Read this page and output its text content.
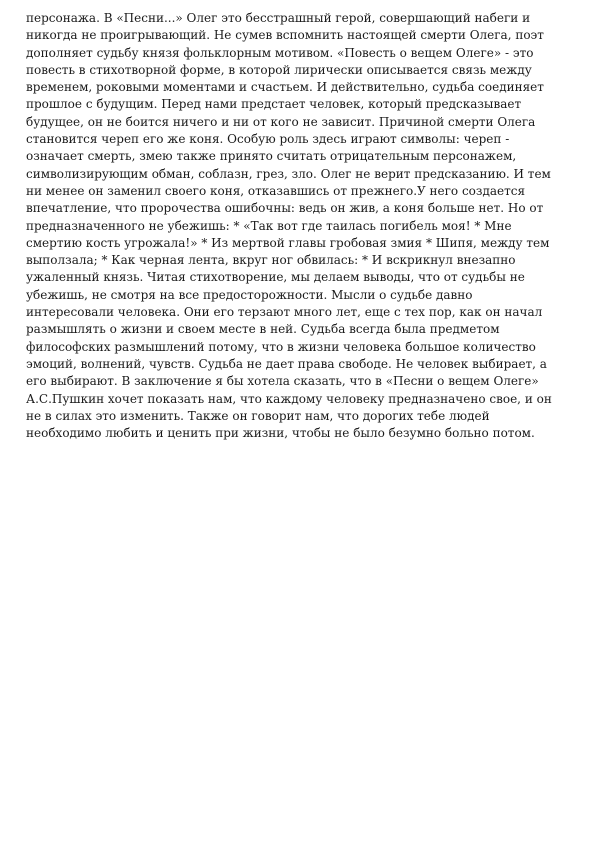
персонажа. В «Песни...» Олег это бесстрашный герой, совершающий набеги и
никогда не проигрывающий. Не сумев вспомнить настоящей смерти Олега, поэт
дополняет судьбу князя фольклорным мотивом. «Повесть о вещем Олеге» - это
повесть в стихотворной форме, в которой лирически описывается связь между
временем, роковыми моментами и счастьем. И действительно, судьба соединяет
прошлое с будущим. Перед нами предстает человек, который предсказывает
будущее, он не боится ничего и ни от кого не зависит. Причиной смерти Олега
становится череп его же коня. Особую роль здесь играют символы: череп -
означает смерть, змею также принято считать отрицательным персонажем,
символизирующим обман, соблазн, грез, зло. Олег не верит предсказанию. И тем
ни менее он заменил своего коня, отказавшись от прежнего.У него создается
впечатление, что пророчества ошибочны: ведь он жив, а коня больше нет. Но от
предназначенного не убежишь: * «Так вот где таилась погибель моя! * Мне
смертию кость угрожала!» * Из мертвой главы гробовая змия * Шипя, между тем
выползала; * Как черная лента, вкруг ног обвилась: * И вскрикнул внезапно
ужаленный князь. Читая стихотворение, мы делаем выводы, что от судьбы не
убежишь, не смотря на все предосторожности. Мысли о судьбе давно
интересовали человека. Они его терзают много лет, еще с тех пор, как он начал
размышлять о жизни и своем месте в ней. Судьба всегда была предметом
философских размышлений потому, что в жизни человека большое количество
эмоций, волнений, чувств. Судьба не дает права свободе. Не человек выбирает, а
его выбирают. В заключение я бы хотела сказать, что в «Песни о вещем Олеге»
А.С.Пушкин хочет показать нам, что каждому человеку предназначено свое, и он
не в силах это изменить. Также он говорит нам, что дорогих тебе людей
необходимо любить и ценить при жизни, чтобы не было безумно больно потом.
